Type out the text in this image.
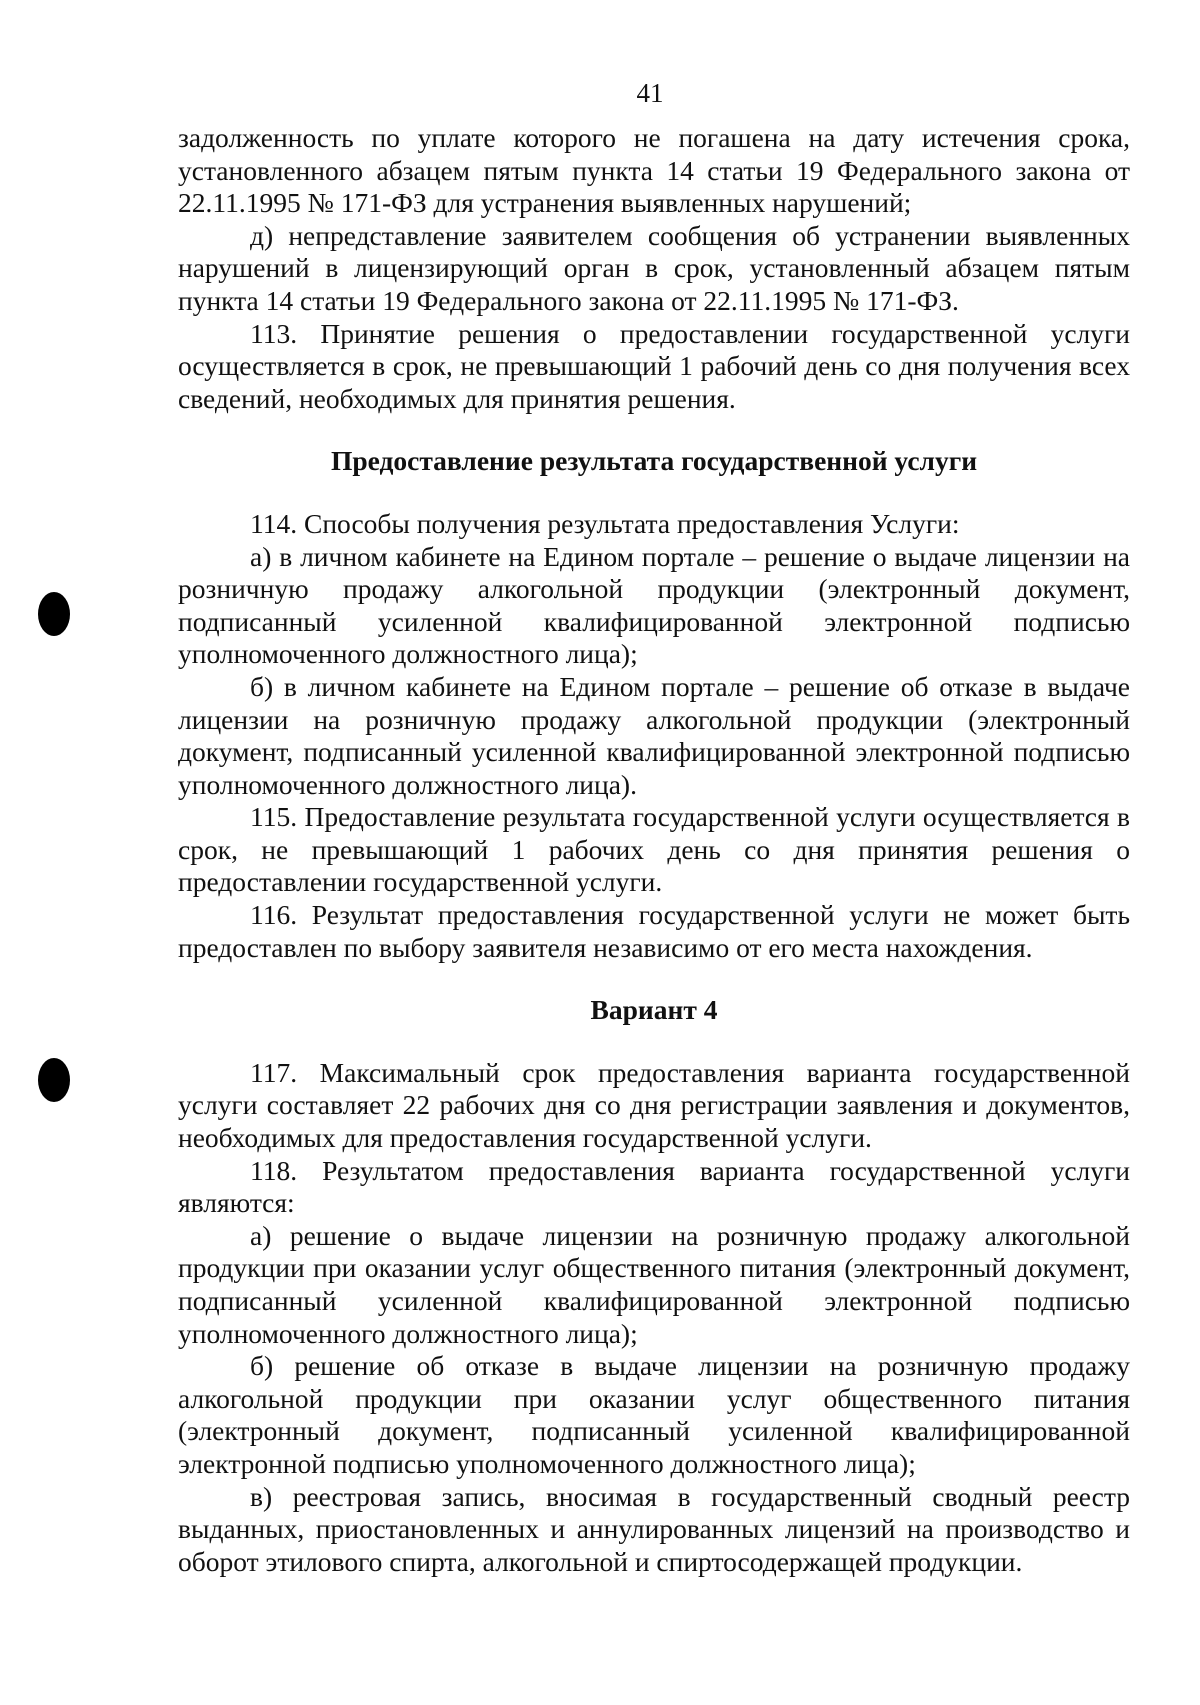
41

задолженность по уплате которого не погашена на дату истечения срока, установленного абзацем пятым пункта 14 статьи 19 Федерального закона от 22.11.1995 № 171-ФЗ для устранения выявленных нарушений;

д) непредставление заявителем сообщения об устранении выявленных нарушений в лицензирующий орган в срок, установленный абзацем пятым пункта 14 статьи 19 Федерального закона от 22.11.1995 № 171-ФЗ.

113. Принятие решения о предоставлении государственной услуги осуществляется в срок, не превышающий 1 рабочий день со дня получения всех сведений, необходимых для принятия решения.

Предоставление результата государственной услуги

114. Способы получения результата предоставления Услуги:

а) в личном кабинете на Едином портале – решение о выдаче лицензии на розничную продажу алкогольной продукции (электронный документ, подписанный усиленной квалифицированной электронной подписью уполномоченного должностного лица);

б) в личном кабинете на Едином портале – решение об отказе в выдаче лицензии на розничную продажу алкогольной продукции (электронный документ, подписанный усиленной квалифицированной электронной подписью уполномоченного должностного лица).

115. Предоставление результата государственной услуги осуществляется в срок, не превышающий 1 рабочих день со дня принятия решения о предоставлении государственной услуги.

116. Результат предоставления государственной услуги не может быть предоставлен по выбору заявителя независимо от его места нахождения.

Вариант 4

117. Максимальный срок предоставления варианта государственной услуги составляет 22 рабочих дня со дня регистрации заявления и документов, необходимых для предоставления государственной услуги.

118. Результатом предоставления варианта государственной услуги являются:

а) решение о выдаче лицензии на розничную продажу алкогольной продукции при оказании услуг общественного питания (электронный документ, подписанный усиленной квалифицированной электронной подписью уполномоченного должностного лица);

б) решение об отказе в выдаче лицензии на розничную продажу алкогольной продукции при оказании услуг общественного питания (электронный документ, подписанный усиленной квалифицированной электронной подписью уполномоченного должностного лица);

в) реестровая запись, вносимая в государственный сводный реестр выданных, приостановленных и аннулированных лицензий на производство и оборот этилового спирта, алкогольной и спиртосодержащей продукции.
